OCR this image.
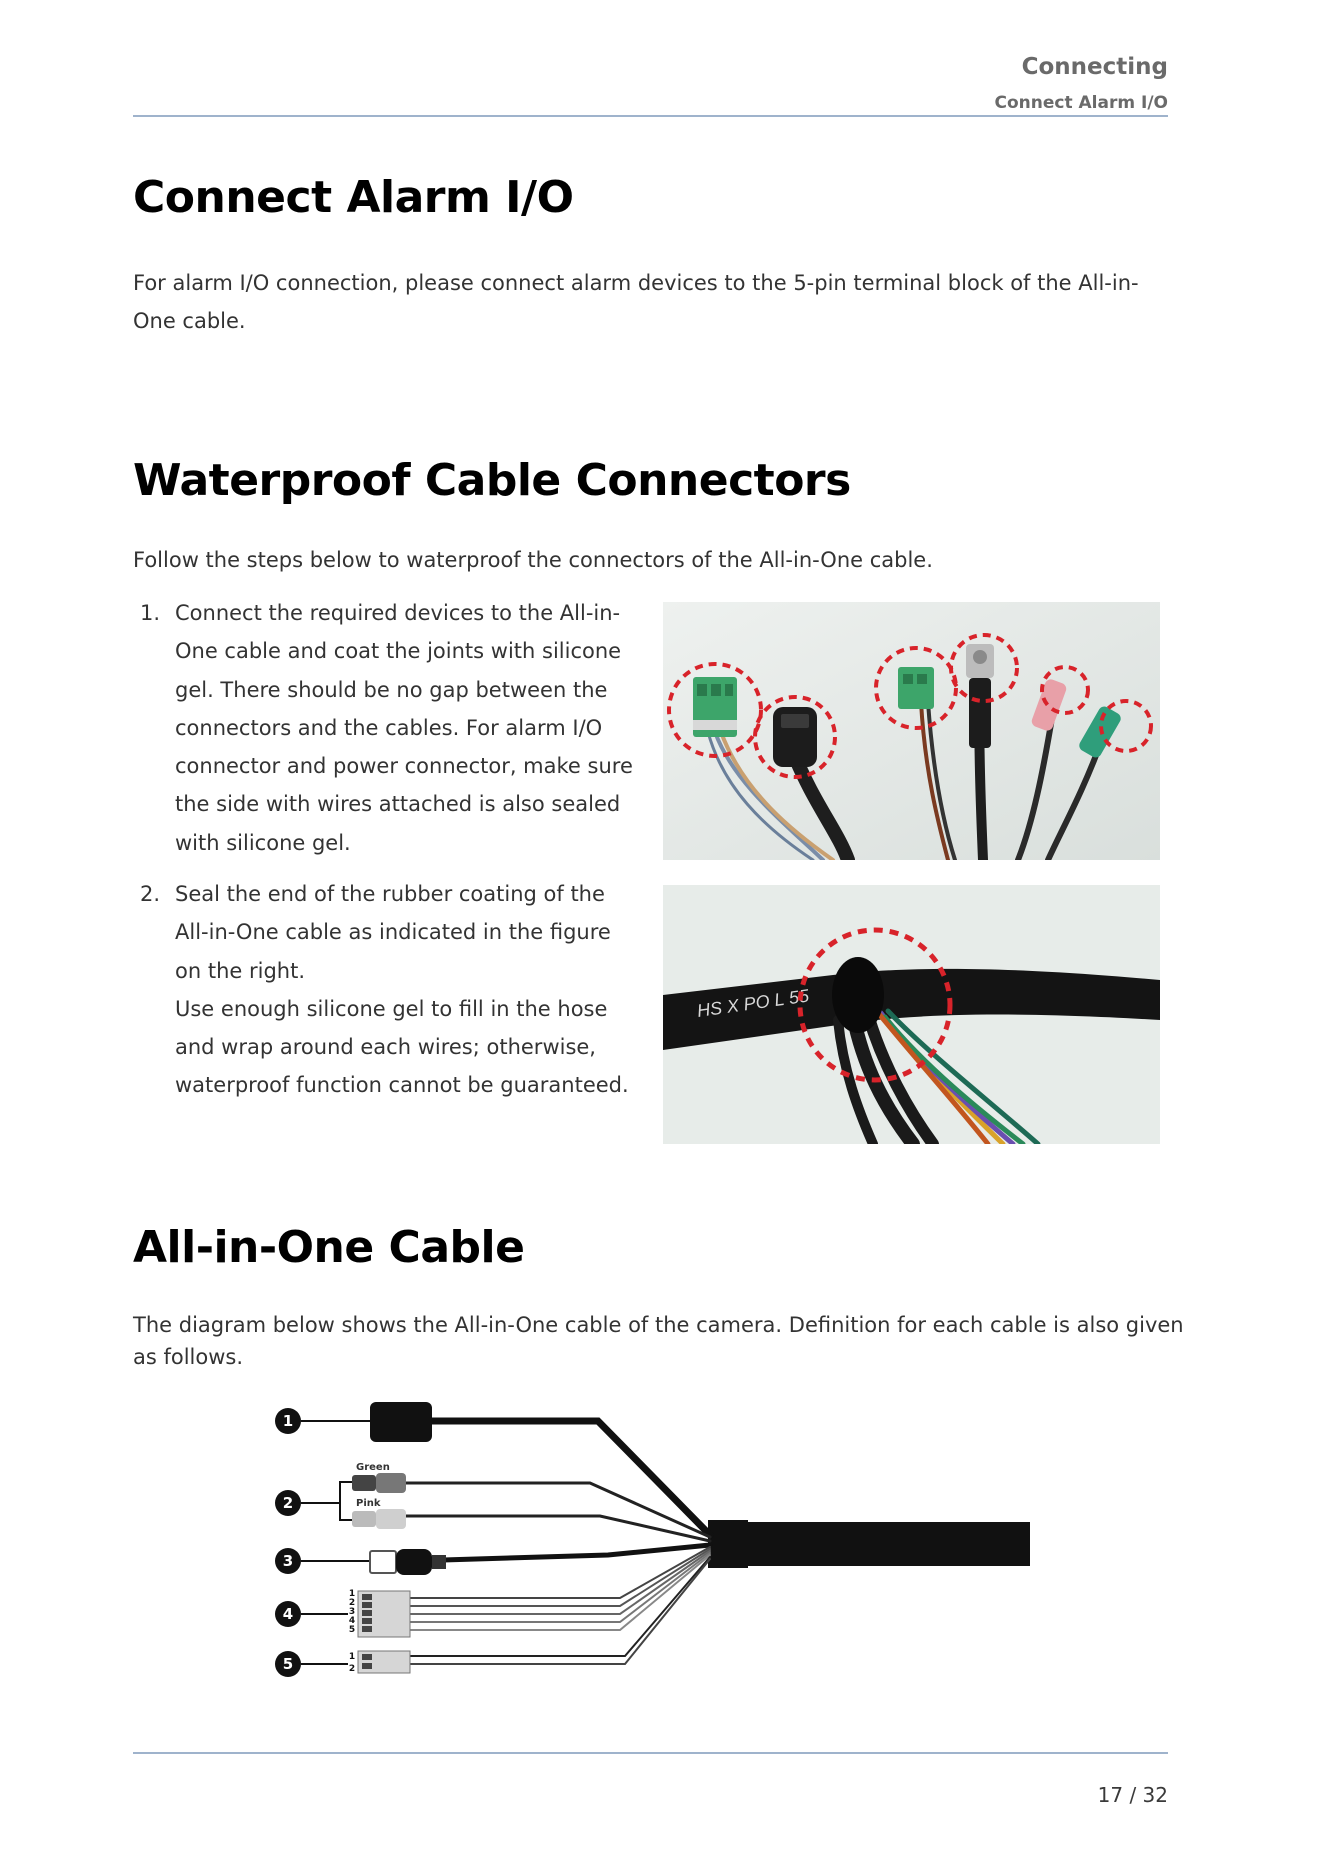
Connecting
Connect Alarm I/O
Connect Alarm I/O

For alarm I/O connection, please connect alarm devices to the 5-pin terminal block of the All-in-
One cable.

Waterproof Cable Connectors

Follow the steps below to waterproof the connectors of the All-in-One cable.

1. Connect the required devices to the All-in-
One cable and coat the joints with silicone
gel. There should be no gap between the
connectors and the cables. For alarm I/O
connector and power connector, make sure
the side with wires attached is also sealed
with silicone gel.
2. Seal the end of the rubber coating of the
All-in-One cable as indicated in the figure
on the right.
Use enough silicone gel to fill in the hose
and wrap around each wires; otherwise,
waterproof function cannot be guaranteed.
HS X PO L 55
All-in-One Cable

The diagram below shows the All-in-One cable of the camera. Definition for each cable is also given
as follows.

1
2
3
4
5
Green
Pink
1
2
3
4
5
1
2
17 / 32
